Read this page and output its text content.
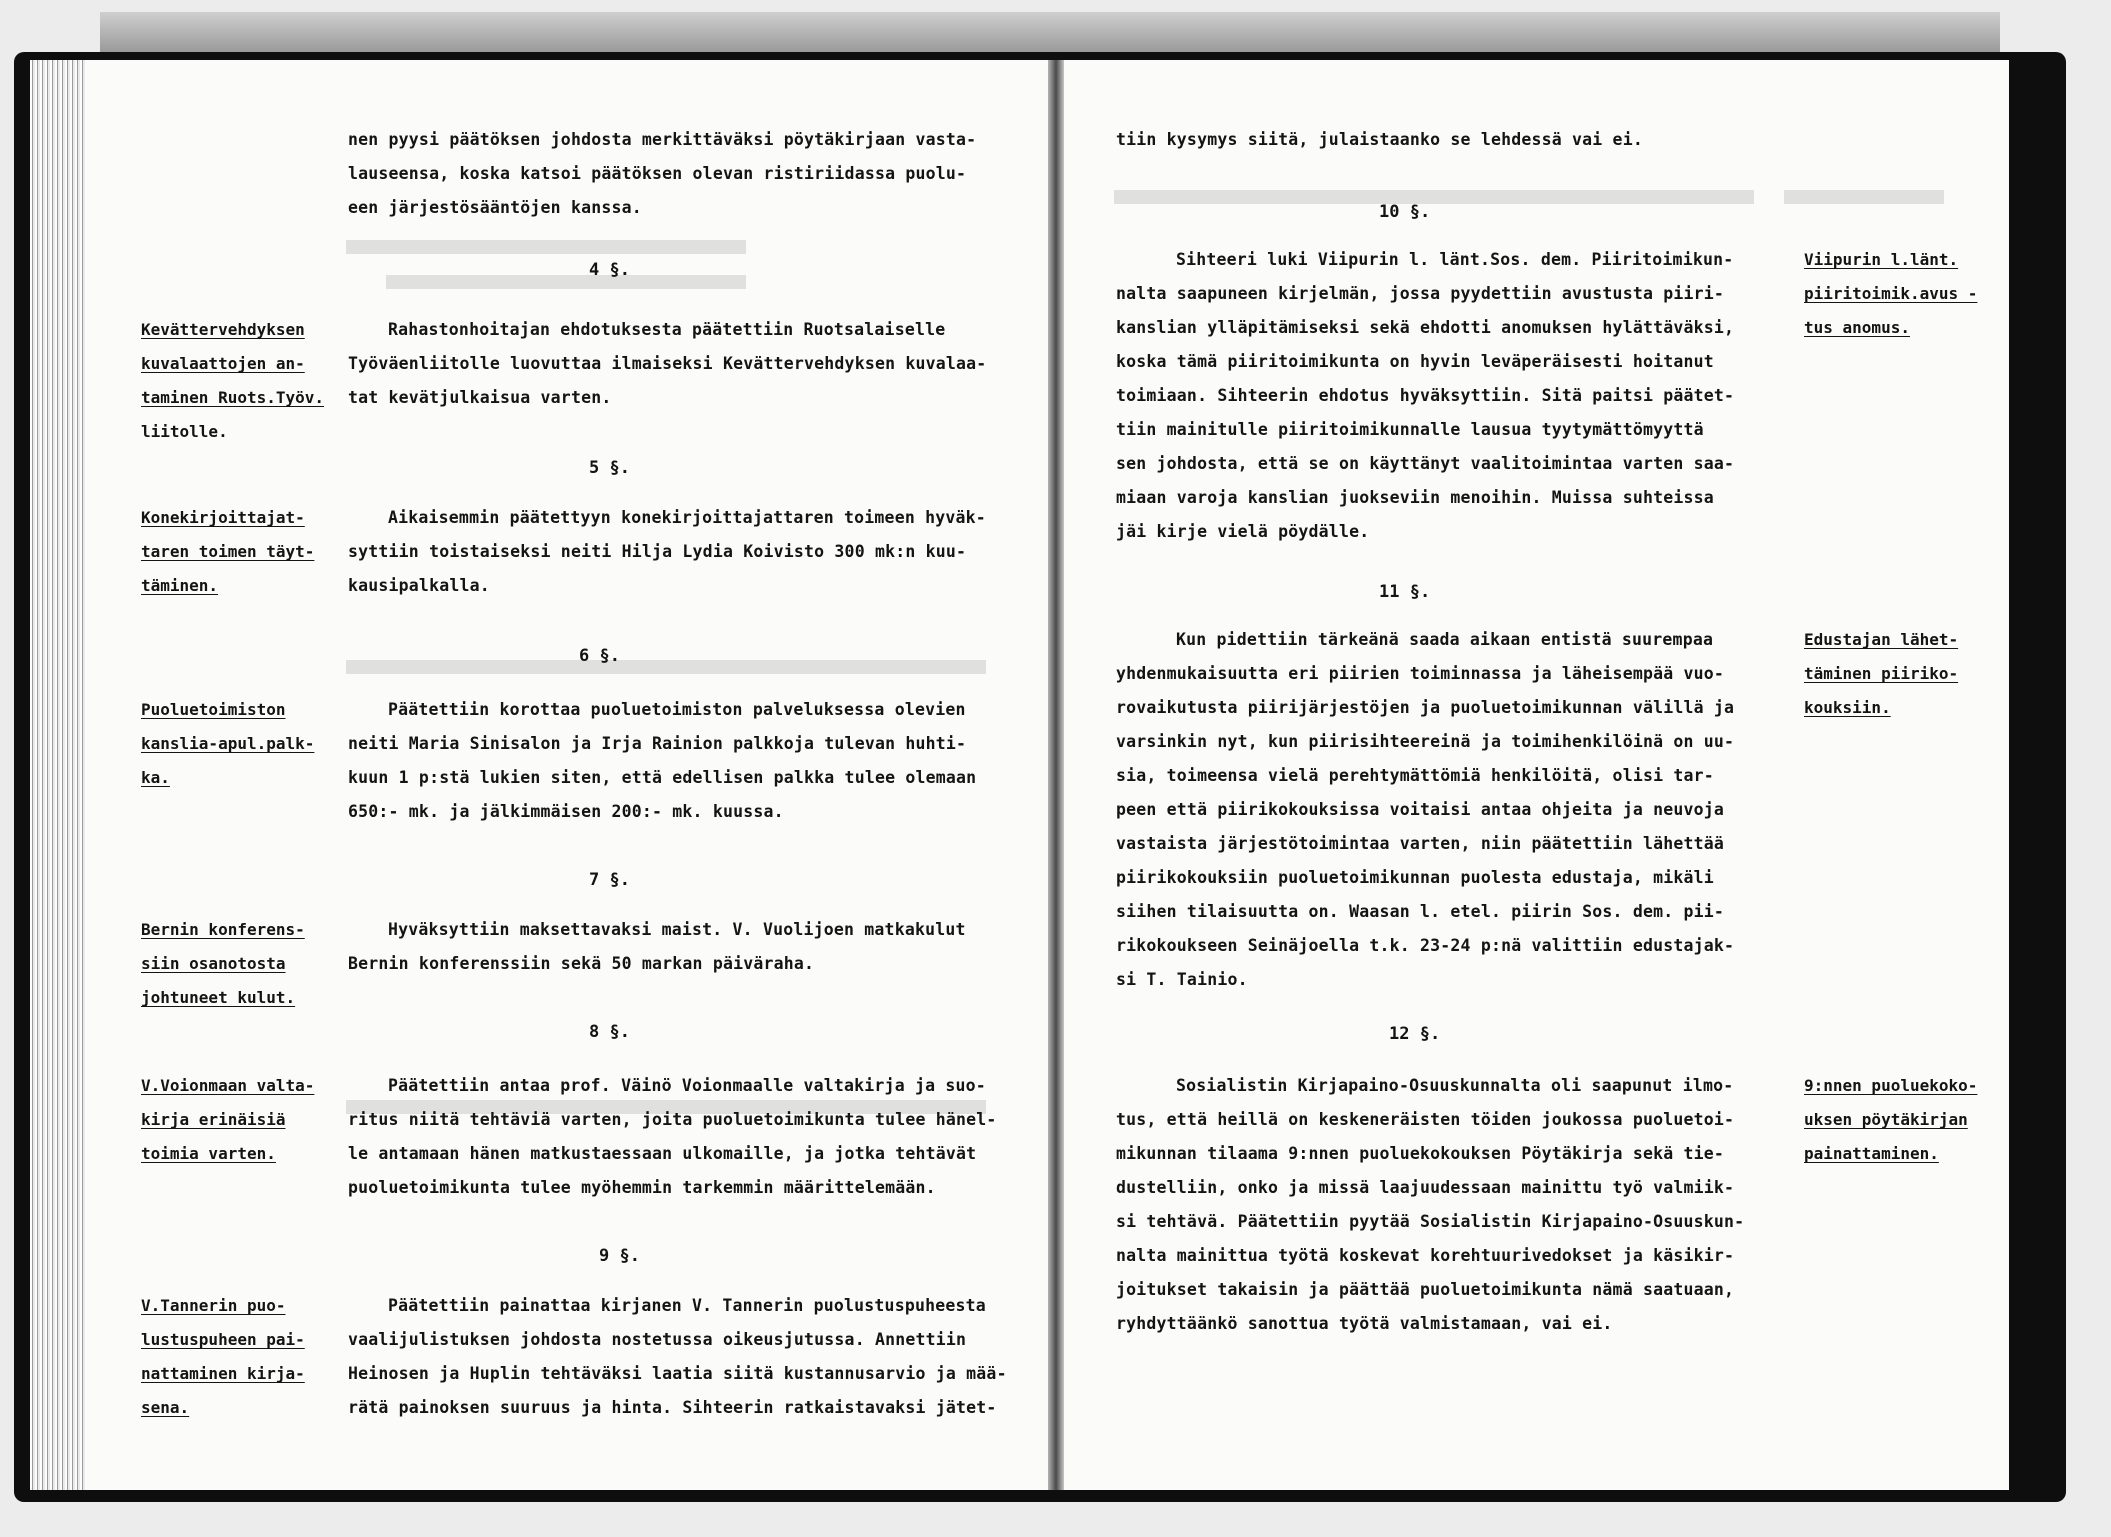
Kevättervehdyksen
kuvalaattojen an-
taminen Ruots.Työv.
liitolle.
Konekirjoittajat-
taren toimen täyt-
täminen.
Puoluetoimiston
kanslia-apul.palk-
ka.
Bernin konferens-
siin osanotosta
johtuneet kulut.
V.Voionmaan valta-
kirja erinäisiä
toimia varten.
V.Tannerin puo-
lustuspuheen pai-
nattaminen kirja-
sena.
nen pyysi päätöksen johdosta merkittäväksi pöytäkirjaan vasta-
lauseensa, koska katsoi päätöksen olevan ristiriidassa puolu-
een järjestösääntöjen kanssa.
4 §.
Rahastonhoitajan ehdotuksesta päätettiin Ruotsalaiselle
Työväenliitolle luovuttaa ilmaiseksi Kevättervehdyksen kuvalaa-
tat kevätjulkaisua varten.
5 §.
Aikaisemmin päätettyyn konekirjoittajattaren toimeen hyväk-
syttiin toistaiseksi neiti Hilja Lydia Koivisto 300 mk:n kuu-
kausipalkalla.
6 §.
Päätettiin korottaa puoluetoimiston palveluksessa olevien
neiti Maria Sinisalon ja Irja Rainion palkkoja tulevan huhti-
kuun 1 p:stä lukien siten, että edellisen palkka tulee olemaan
650:- mk. ja jälkimmäisen 200:- mk. kuussa.
7 §.
Hyväksyttiin maksettavaksi maist. V. Vuolijoen matkakulut
Bernin konferenssiin sekä 50 markan päiväraha.
8 §.
Päätettiin antaa prof. Väinö Voionmaalle valtakirja ja suo-
ritus niitä tehtäviä varten, joita puoluetoimikunta tulee hänel-
le antamaan hänen matkustaessaan ulkomaille, ja jotka tehtävät
puoluetoimikunta tulee myöhemmin tarkemmin määrittelemään.
9 §.
Päätettiin painattaa kirjanen V. Tannerin puolustuspuheesta
vaalijulistuksen johdosta nostetussa oikeusjutussa. Annettiin
Heinosen ja Huplin tehtäväksi laatia siitä kustannusarvio ja mää-
rätä painoksen suuruus ja hinta. Sihteerin ratkaistavaksi jätet-
tiin kysymys siitä, julaistaanko se lehdessä vai ei.
10 §.
Sihteeri luki Viipurin l. länt.Sos. dem. Piiritoimikun-
nalta saapuneen kirjelmän, jossa pyydettiin avustusta piiri-
kanslian ylläpitämiseksi sekä ehdotti anomuksen hylättäväksi,
koska tämä piiritoimikunta on hyvin leväperäisesti hoitanut
toimiaan. Sihteerin ehdotus hyväksyttiin. Sitä paitsi päätet-
tiin mainitulle piiritoimikunnalle lausua tyytymättömyyttä
sen johdosta, että se on käyttänyt vaalitoimintaa varten saa-
miaan varoja kanslian juokseviin menoihin. Muissa suhteissa
jäi kirje vielä pöydälle.
11 §.
Kun pidettiin tärkeänä saada aikaan entistä suurempaa
yhdenmukaisuutta eri piirien toiminnassa ja läheisempää vuo-
rovaikutusta piirijärjestöjen ja puoluetoimikunnan välillä ja
varsinkin nyt, kun piirisihteereinä ja toimihenkilöinä on uu-
sia, toimeensa vielä perehtymättömiä henkilöitä, olisi tar-
peen että piirikokouksissa voitaisi antaa ohjeita ja neuvoja
vastaista järjestötoimintaa varten, niin päätettiin lähettää
piirikokouksiin puoluetoimikunnan puolesta edustaja, mikäli
siihen tilaisuutta on. Waasan l. etel. piirin Sos. dem. pii-
rikokoukseen Seinäjoella t.k. 23-24 p:nä valittiin edustajak-
si T. Tainio.
12 §.
Sosialistin Kirjapaino-Osuuskunnalta oli saapunut ilmo-
tus, että heillä on keskeneräisten töiden joukossa puoluetoi-
mikunnan tilaama 9:nnen puoluekokouksen Pöytäkirja sekä tie-
dustelliin, onko ja missä laajuudessaan mainittu työ valmiik-
si tehtävä. Päätettiin pyytää Sosialistin Kirjapaino-Osuuskun-
nalta mainittua työtä koskevat korehtuurivedokset ja käsikir-
joitukset takaisin ja päättää puoluetoimikunta nämä saatuaan,
ryhdyttäänkö sanottua työtä valmistamaan, vai ei.
Viipurin l.länt.
piiritoimik.avus -
tus anomus.
Edustajan lähet-
täminen piiriko-
kouksiin.
9:nnen puoluekoko-
uksen pöytäkirjan
painattaminen.
